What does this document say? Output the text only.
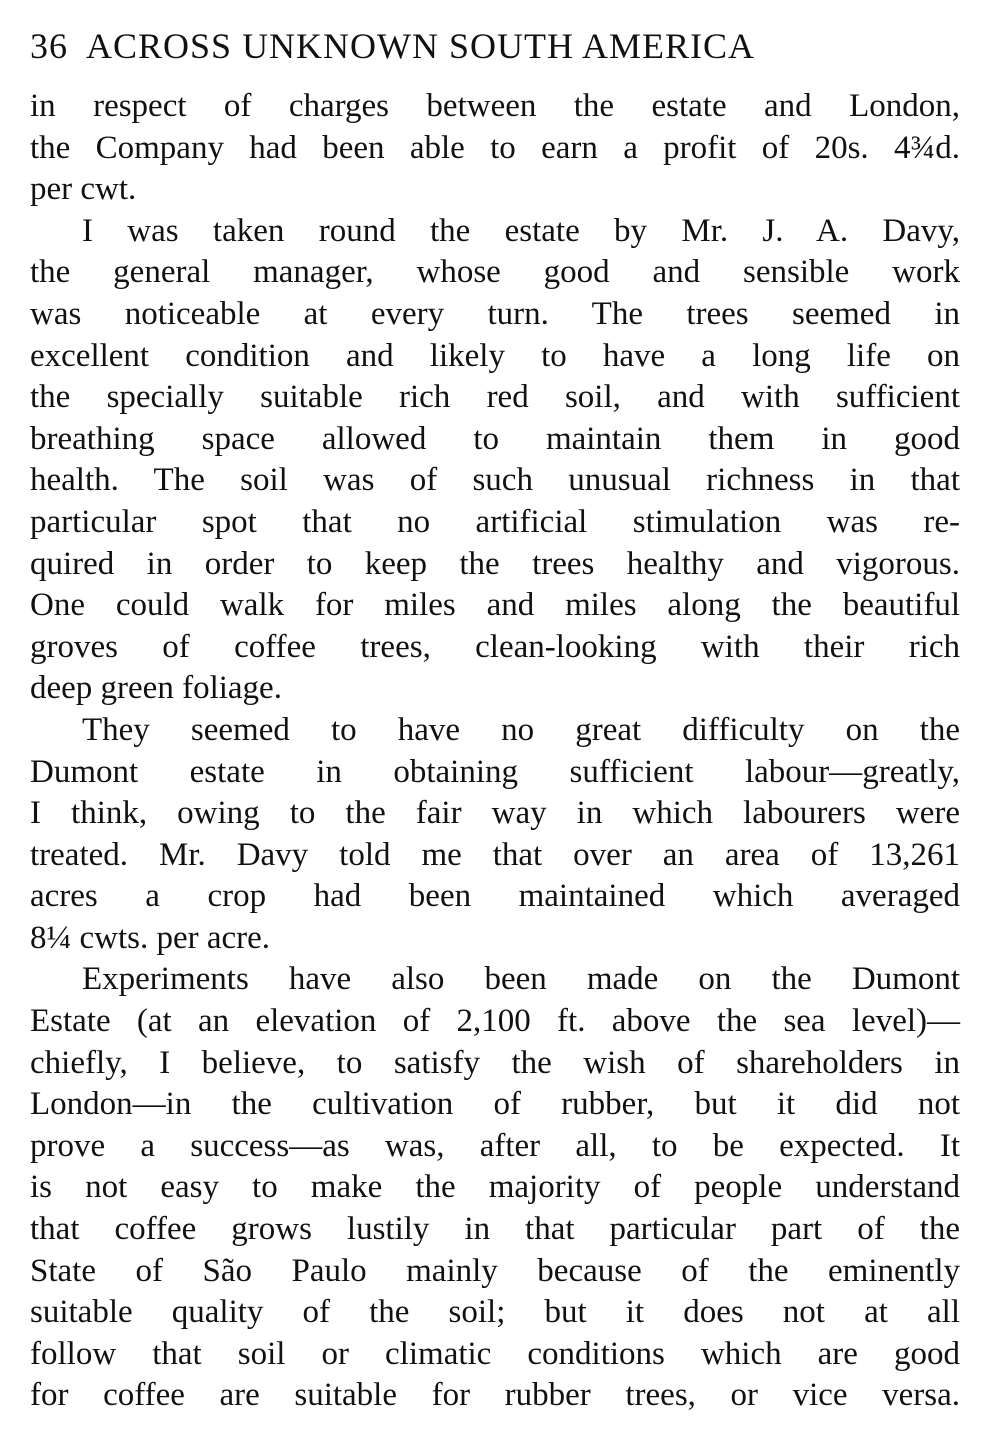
36 ACROSS UNKNOWN SOUTH AMERICA
in respect of charges between the estate and London,
the Company had been able to earn a profit of 20s. 4¾d.
per cwt.
I was taken round the estate by Mr. J. A. Davy,
the general manager, whose good and sensible work
was noticeable at every turn. The trees seemed in
excellent condition and likely to have a long life on
the specially suitable rich red soil, and with sufficient
breathing space allowed to maintain them in good
health. The soil was of such unusual richness in that
particular spot that no artificial stimulation was re-
quired in order to keep the trees healthy and vigorous.
One could walk for miles and miles along the beautiful
groves of coffee trees, clean-looking with their rich
deep green foliage.
They seemed to have no great difficulty on the
Dumont estate in obtaining sufficient labour—greatly,
I think, owing to the fair way in which labourers were
treated. Mr. Davy told me that over an area of 13,261
acres a crop had been maintained which averaged
8¼ cwts. per acre.
Experiments have also been made on the Dumont
Estate (at an elevation of 2,100 ft. above the sea level)—
chiefly, I believe, to satisfy the wish of shareholders in
London—in the cultivation of rubber, but it did not
prove a success—as was, after all, to be expected. It
is not easy to make the majority of people understand
that coffee grows lustily in that particular part of the
State of São Paulo mainly because of the eminently
suitable quality of the soil; but it does not at all
follow that soil or climatic conditions which are good
for coffee are suitable for rubber trees, or vice versa.
